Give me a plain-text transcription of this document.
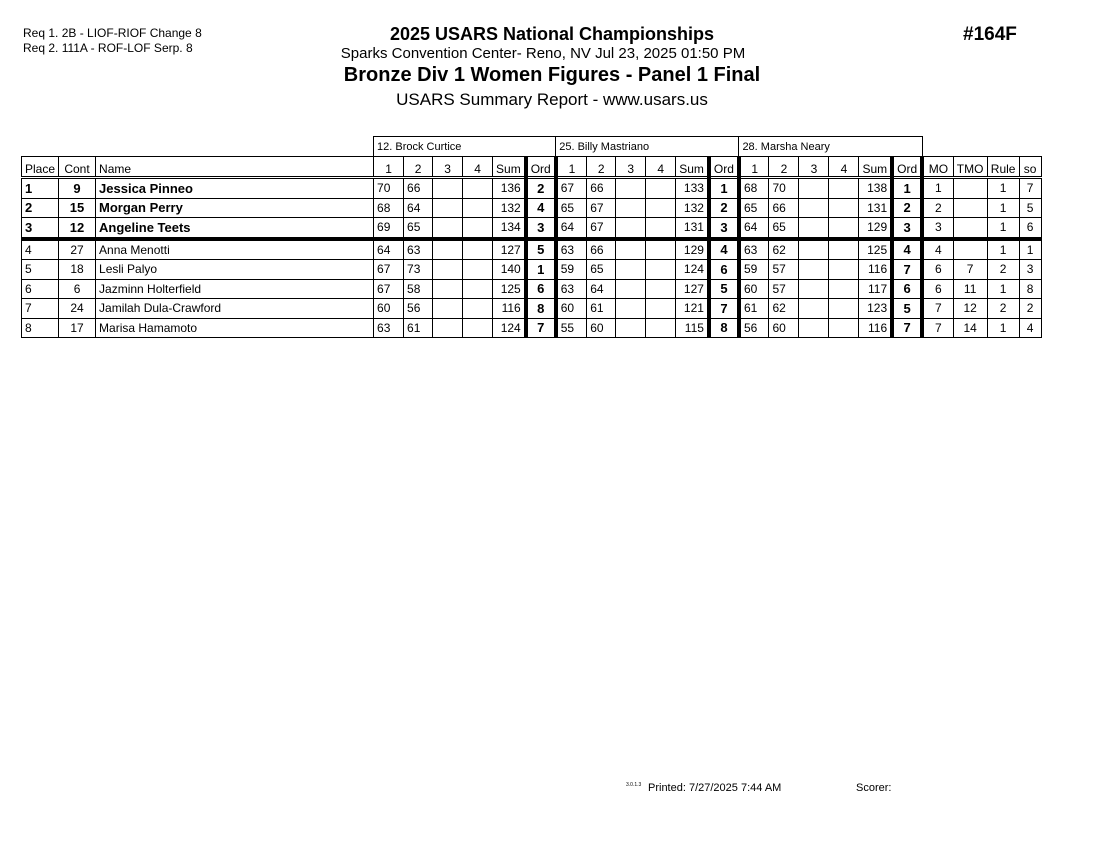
Req 1. 2B - LIOF-RIOF Change 8
Req 2. 111A - ROF-LOF Serp. 8
2025 USARS National Championships
Sparks Convention Center- Reno, NV Jul 23, 2025 01:50 PM
Bronze Div 1 Women Figures - Panel 1 Final
USARS Summary Report - www.usars.us
#164F
			12. Brock Curtice						25. Billy Mastriano						28. Marsha Neary									
Place	Cont	Name	1	2	3	4	Sum	Ord	1	2	3	4	Sum	Ord	1	2	3	4	Sum	Ord	MO	TMO	Rule	so
1	9	Jessica Pinneo	70	66			136	2	67	66			133	1	68	70			138	1	1		1	7
2	15	Morgan Perry	68	64			132	4	65	67			132	2	65	66			131	2	2		1	5
3	12	Angeline Teets	69	65			134	3	64	67			131	3	64	65			129	3	3		1	6
4	27	Anna Menotti	64	63			127	5	63	66			129	4	63	62			125	4	4		1	1
5	18	Lesli Palyo	67	73			140	1	59	65			124	6	59	57			116	7	6	7	2	3
6	6	Jazminn Holterfield	67	58			125	6	63	64			127	5	60	57			117	6	6	11	1	8
7	24	Jamilah Dula-Crawford	60	56			116	8	60	61			121	7	61	62			123	5	7	12	2	2
8	17	Marisa Hamamoto	63	61			124	7	55	60			115	8	56	60			116	7	7	14	1	4
3.0.1.3 Printed: 7/27/2025 7:44 AM	Scorer:
